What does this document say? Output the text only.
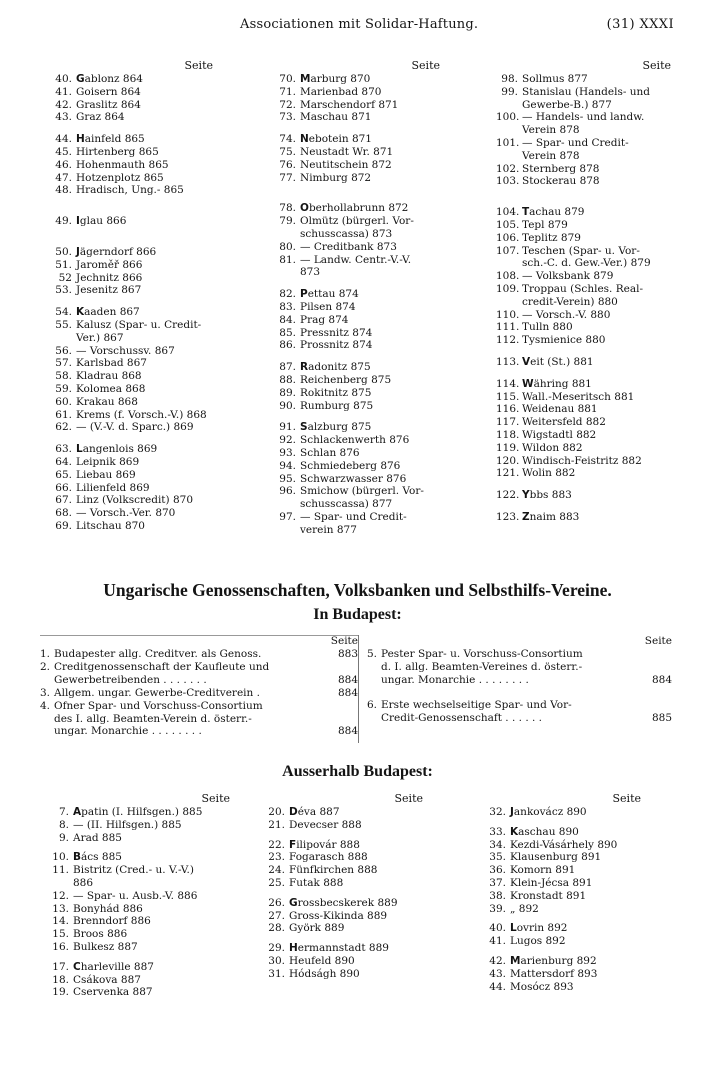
Associationen mit Solidar-Haftung.	(31) XXXI
Seite
40. Gablonz 864
41. Goisern 864
42. Graslitz 864
43. Graz 864
44. Hainfeld 865
45. Hirtenberg 865
46. Hohenmauth 865
47. Hotzenplotz 865
48. Hradisch, Ung.- 865
49. Iglau 866
50. Jägerndorf 866
51. Jaroměř 866
52 Jechnitz 866
53. Jesenitz 867
54. Kaaden 867
55. Kalusz (Spar- u. Credit-
Ver.) 867
56. — Vorschussv. 867
57. Karlsbad 867
58. Kladrau 868
59. Kolomea 868
60. Krakau 868
61. Krems (f. Vorsch.-V.) 868
62. — (V.-V. d. Sparc.) 869
63. Langenlois 869
64. Leipnik 869
65. Liebau 869
66. Lilienfeld 869
67. Linz (Volkscredit) 870
68. — Vorsch.-Ver. 870
69. Litschau 870
Seite
70. Marburg 870
71. Marienbad 870
72. Marschendorf 871
73. Maschau 871
74. Nebotein 871
75. Neustadt Wr. 871
76. Neutitschein 872
77. Nimburg 872
78. Oberhollabrunn 872
79. Olmütz (bürgerl. Vor-
schusscassa) 873
80. — Creditbank 873
81. — Landw. Centr.-V.-V.
873
82. Pettau 874
83. Pilsen 874
84. Prag 874
85. Pressnitz 874
86. Prossnitz 874
87. Radonitz 875
88. Reichenberg 875
89. Rokitnitz 875
90. Rumburg 875
91. Salzburg 875
92. Schlackenwerth 876
93. Schlan 876
94. Schmiedeberg 876
95. Schwarzwasser 876
96. Smichow (bürgerl. Vor-
schusscassa) 877
97. — Spar- und Credit-
verein 877
Seite
98. Sollmus 877
99. Stanislau (Handels- und
Gewerbe-B.) 877
100. — Handels- und landw.
Verein 878
101. — Spar- und Credit-
Verein 878
102. Sternberg 878
103. Stockerau 878
104. Tachau 879
105. Tepl 879
106. Teplitz 879
107. Teschen (Spar- u. Vor-
sch.-C. d. Gew.-Ver.) 879
108. — Volksbank 879
109. Troppau (Schles. Real-
credit-Verein) 880
110. — Vorsch.-V. 880
111. Tulln 880
112. Tysmienice 880
113. Veit (St.) 881
114. Währing 881
115. Wall.-Meseritsch 881
116. Weidenau 881
117. Weitersfeld 882
118. Wigstadtl 882
119. Wildon 882
120. Windisch-Feistritz 882
121. Wolin 882
122. Ybbs 883
123. Znaim 883
Ungarische Genossenschaften, Volksbanken und Selbsthilfs-Vereine.
In Budapest:
Seite
1. Budapester allg. Creditver. als Genoss.	883
2. Creditgenossenschaft der Kaufleute und
Gewerbetreibenden . . . . . . .	884
3. Allgem. ungar. Gewerbe-Creditverein .	884
4. Ofner Spar- und Vorschuss-Consortium
des I. allg. Beamten-Verein d. österr.-
ungar. Monarchie . . . . . . . .	884
Seite
5. Pester Spar- u. Vorschuss-Consortium
d. I. allg. Beamten-Vereines d. österr.-
ungar. Monarchie . . . . . . . .	884
6. Erste wechselseitige Spar- und Vor-
Credit-Genossenschaft . . . . . .	885
Ausserhalb Budapest:
Seite
7. Apatin (I. Hilfsgen.) 885
8. — (II. Hilfsgen.) 885
9. Arad 885
10. Bács 885
11. Bistritz (Cred.- u. V.-V.)
886
12. — Spar- u. Ausb.-V. 886
13. Bonyhád 886
14. Brenndorf 886
15. Broos 886
16. Bulkesz 887
17. Charleville 887
18. Csákova 887
19. Cservenka 887
Seite
20. Déva 887
21. Devecser 888
22. Filipovár 888
23. Fogarasch 888
24. Fünfkirchen 888
25. Futak 888
26. Grossbecskerek 889
27. Gross-Kikinda 889
28. Györk 889
29. Hermannstadt 889
30. Heufeld 890
31. Hódságh 890
Seite
32. Jankovácz 890
33. Kaschau 890
34. Kezdi-Vásárhely 890
35. Klausenburg 891
36. Komorn 891
37. Klein-Jécsa 891
38. Kronstadt 891
39. „ 892
40. Lovrin 892
41. Lugos 892
42. Marienburg 892
43. Mattersdorf 893
44. Mosócz 893
